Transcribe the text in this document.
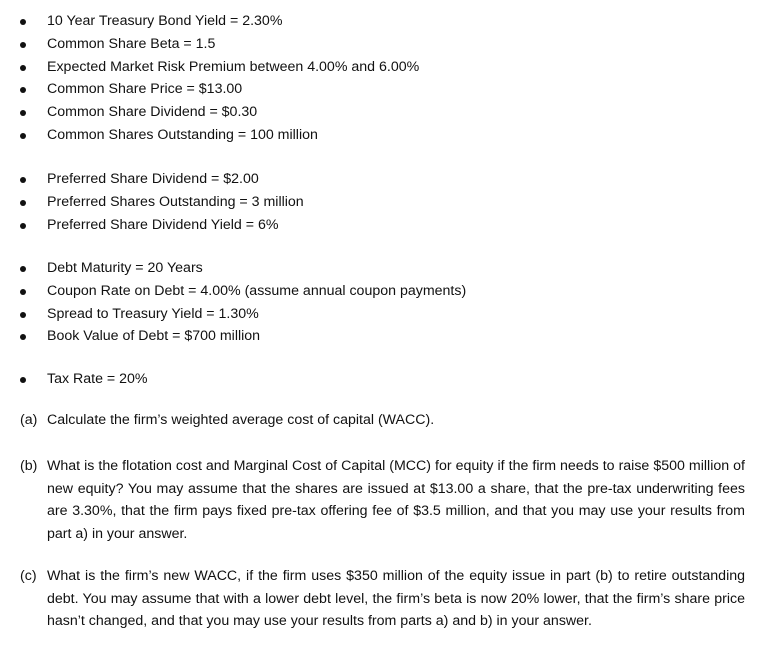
10 Year Treasury Bond Yield = 2.30%
Common Share Beta = 1.5
Expected Market Risk Premium between 4.00% and 6.00%
Common Share Price = $13.00
Common Share Dividend = $0.30
Common Shares Outstanding = 100 million
Preferred Share Dividend = $2.00
Preferred Shares Outstanding = 3 million
Preferred Share Dividend Yield = 6%
Debt Maturity = 20 Years
Coupon Rate on Debt = 4.00% (assume annual coupon payments)
Spread to Treasury Yield = 1.30%
Book Value of Debt = $700 million
Tax Rate = 20%
(a) Calculate the firm’s weighted average cost of capital (WACC).
(b) What is the flotation cost and Marginal Cost of Capital (MCC) for equity if the firm needs to raise $500 million of new equity? You may assume that the shares are issued at $13.00 a share, that the pre-tax underwriting fees are 3.30%, that the firm pays fixed pre-tax offering fee of $3.5 million, and that you may use your results from part a) in your answer.
(c) What is the firm’s new WACC, if the firm uses $350 million of the equity issue in part (b) to retire outstanding debt. You may assume that with a lower debt level, the firm’s beta is now 20% lower, that the firm’s share price hasn’t changed, and that you may use your results from parts a) and b) in your answer.
